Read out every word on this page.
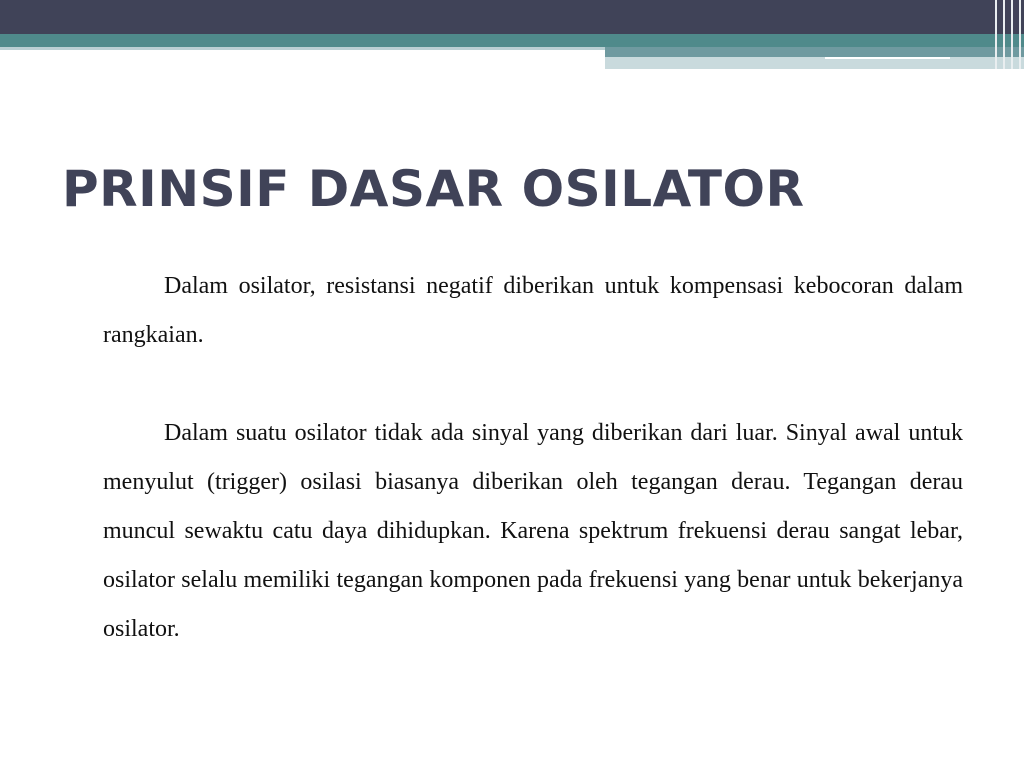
PRINSIF DASAR OSILATOR

Dalam osilator, resistansi negatif diberikan untuk kompensasi kebocoran dalam rangkaian.

Dalam suatu osilator tidak ada sinyal yang diberikan dari luar. Sinyal awal untuk menyulut (trigger) osilasi biasanya diberikan oleh tegangan derau. Tegangan derau muncul sewaktu catu daya dihidupkan. Karena spektrum frekuensi derau sangat lebar, osilator selalu memiliki tegangan komponen pada frekuensi yang benar untuk bekerjanya osilator.
